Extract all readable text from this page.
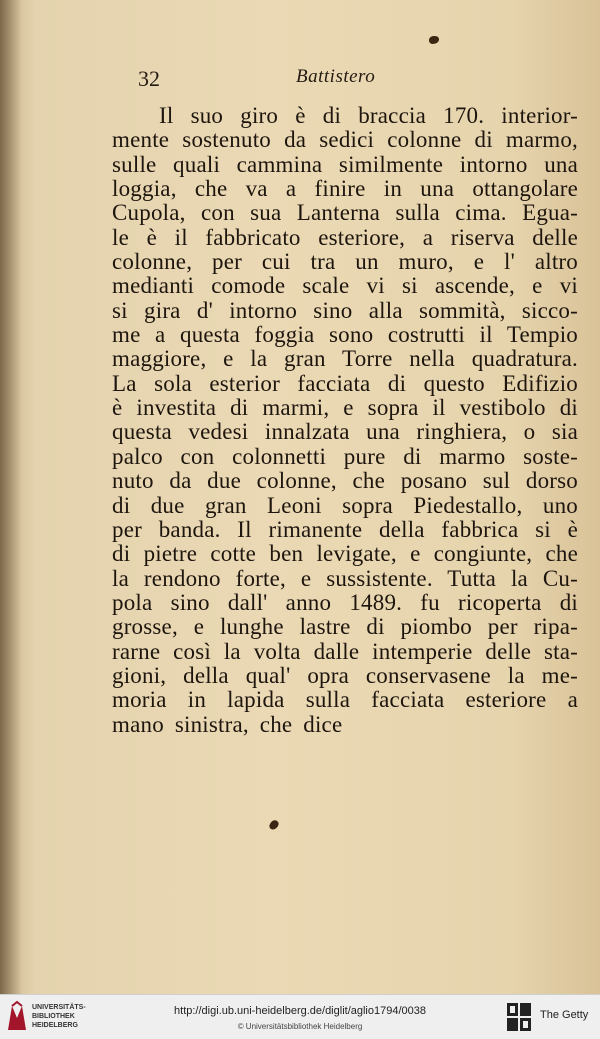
32	Battistero
Il suo giro è di braccia 170. interior-
mente sostenuto da sedici colonne di marmo,
sulle quali cammina similmente intorno una
loggia, che va a finire in una ottangolare
Cupola, con sua Lanterna sulla cima. Egua-
le è il fabbricato esteriore, a riserva delle
colonne, per cui tra un muro, e l' altro
medianti comode scale vi si ascende, e vi
si gira d' intorno sino alla sommità, sicco-
me a questa foggia sono costrutti il Tempio
maggiore, e la gran Torre nella quadratura.
La sola esterior facciata di questo Edifizio
è investita di marmi, e sopra il vestibolo di
questa vedesi innalzata una ringhiera, o sia
palco con colonnetti pure di marmo soste-
nuto da due colonne, che posano sul dorso
di due gran Leoni sopra Piedestallo, uno
per banda. Il rimanente della fabbrica si è
di pietre cotte ben levigate, e congiunte, che
la rendono forte, e sussistente. Tutta la Cu-
pola sino dall' anno 1489. fu ricoperta di
grosse, e lunghe lastre di piombo per ripa-
rarne così la volta dalle intemperie delle sta-
gioni, della qual' opra conservasene la me-
moria in lapida sulla facciata esteriore a
mano sinistra, che dice
UNIVERSITÄTS-
BIBLIOTHEK
HEIDELBERG
http://digi.ub.uni-heidelberg.de/diglit/aglio1794/0038
© Universitätsbibliothek Heidelberg
The Getty
